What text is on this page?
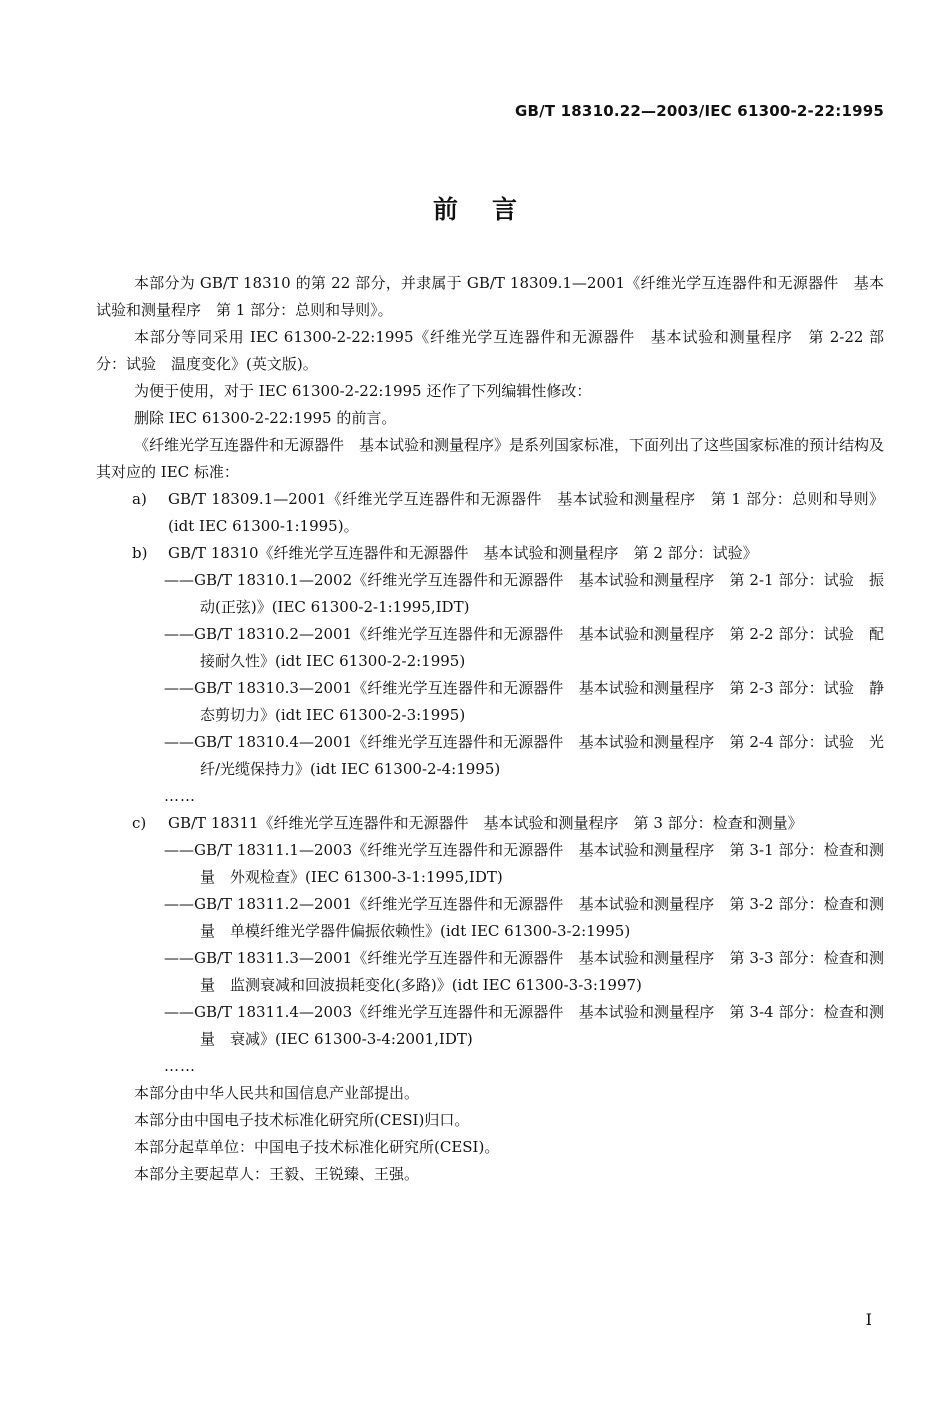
GB/T 18310.22—2003/IEC 61300-2-22:1995
前言

本部分为 GB/T 18310 的第 22 部分，并隶属于 GB/T 18309.1—2001《纤维光学互连器件和无源器件　基本试验和测量程序　第 1 部分：总则和导则》。

本部分等同采用 IEC 61300-2-22:1995《纤维光学互连器件和无源器件　基本试验和测量程序　第 2-22 部分：试验　温度变化》(英文版)。

为便于使用，对于 IEC 61300-2-22:1995 还作了下列编辑性修改：

删除 IEC 61300-2-22:1995 的前言。

《纤维光学互连器件和无源器件　基本试验和测量程序》是系列国家标准，下面列出了这些国家标准的预计结构及其对应的 IEC 标准：

a) GB/T 18309.1—2001《纤维光学互连器件和无源器件　基本试验和测量程序　第 1 部分：总则和导则》(idt IEC 61300-1:1995)。
b) GB/T 18310《纤维光学互连器件和无源器件　基本试验和测量程序　第 2 部分：试验》
——GB/T 18310.1—2002《纤维光学互连器件和无源器件　基本试验和测量程序　第 2-1 部分：试验　振动(正弦)》(IEC 61300-2-1:1995,IDT)
——GB/T 18310.2—2001《纤维光学互连器件和无源器件　基本试验和测量程序　第 2-2 部分：试验　配接耐久性》(idt IEC 61300-2-2:1995)
——GB/T 18310.3—2001《纤维光学互连器件和无源器件　基本试验和测量程序　第 2-3 部分：试验　静态剪切力》(idt IEC 61300-2-3:1995)
——GB/T 18310.4—2001《纤维光学互连器件和无源器件　基本试验和测量程序　第 2-4 部分：试验　光纤/光缆保持力》(idt IEC 61300-2-4:1995)
……
c) GB/T 18311《纤维光学互连器件和无源器件　基本试验和测量程序　第 3 部分：检查和测量》
——GB/T 18311.1—2003《纤维光学互连器件和无源器件　基本试验和测量程序　第 3-1 部分：检查和测量　外观检查》(IEC 61300-3-1:1995,IDT)
——GB/T 18311.2—2001《纤维光学互连器件和无源器件　基本试验和测量程序　第 3-2 部分：检查和测量　单模纤维光学器件偏振依赖性》(idt IEC 61300-3-2:1995)
——GB/T 18311.3—2001《纤维光学互连器件和无源器件　基本试验和测量程序　第 3-3 部分：检查和测量　监测衰减和回波损耗变化(多路)》(idt IEC 61300-3-3:1997)
——GB/T 18311.4—2003《纤维光学互连器件和无源器件　基本试验和测量程序　第 3-4 部分：检查和测量　衰减》(IEC 61300-3-4:2001,IDT)
……

本部分由中华人民共和国信息产业部提出。

本部分由中国电子技术标准化研究所(CESI)归口。

本部分起草单位：中国电子技术标准化研究所(CESI)。

本部分主要起草人：王毅、王锐臻、王强。

I
